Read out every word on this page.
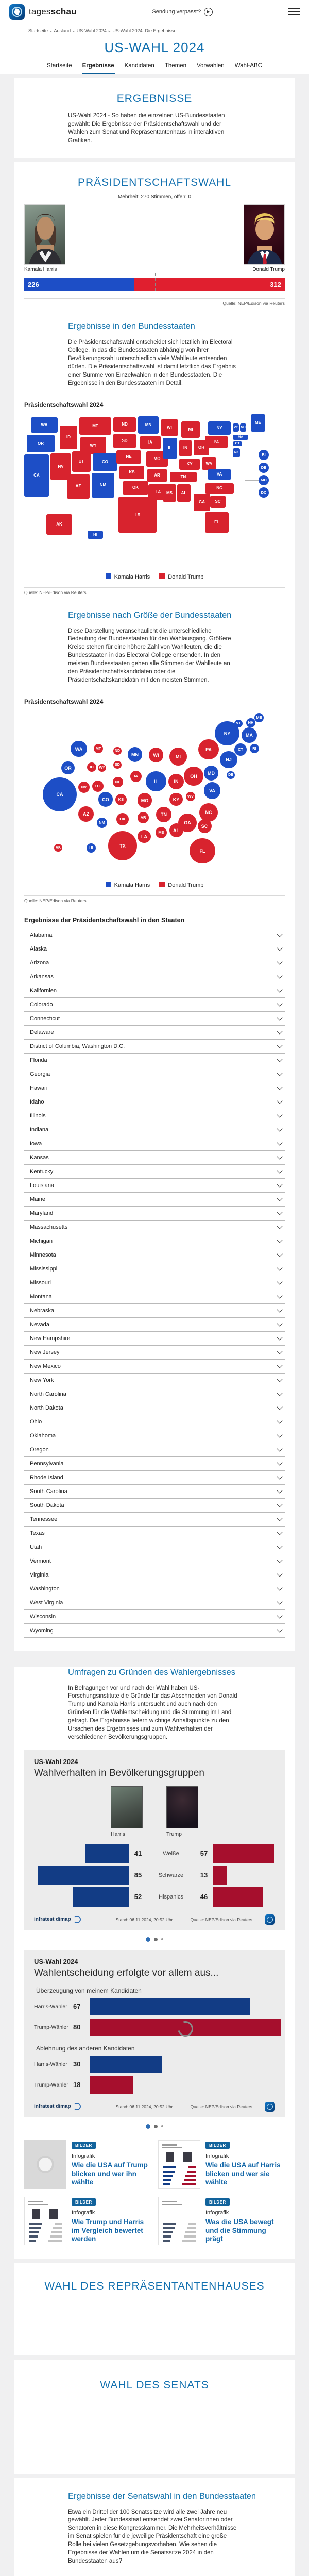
tagesschau	Sendung verpasst?
Startseite ▸ Ausland ▸ US-Wahl 2024 ▸ US-Wahl 2024: Die Ergebnisse
US-WAHL 2024
Startseite Ergebnisse Kandidaten Themen Vorwahlen Wahl-ABC
ERGEBNISSE

US-Wahl 2024 - So haben die einzelnen US-Bundesstaaten gewählt: Die Ergebnisse der Präsidentschaftswahl und der Wahlen zum Senat und Repräsentantenhaus in interaktiven Grafiken.

PRÄSIDENTSCHAFTSWAHL
Mehrheit: 270 Stimmen, offen: 0
Kamala Harris	Donald Trump
226	312
Quelle: NEP/Edison via Reuters
Ergebnisse in den Bundesstaaten

Die Präsidentschaftswahl entscheidet sich letztlich im Electoral College, in das die Bundesstaaten abhängig von ihrer Bevölkerungszahl unterschiedlich viele Wahlleute entsenden dürfen. Die Präsidentschaftswahl ist damit letztlich das Ergebnis einer Summe von Einzelwahlen in den Bundesstaaten. Die Ergebnisse in den Bundesstaaten im Detail.

Präsidentschaftswahl 2024
WA
OR
CA
ID
NV
UT
AZ
MT
WY
CO
NM
ND
SD
NE
KS
OK
TX
MN
IA
MO
AR
LA
WI
IL
MS
MI
IN
KY
TN
AL
OH
WV
VA
NC
SC
GA
FL
PA
NY
ME
VT NH
MA
CT
NJ
AK
HI
RI
DE
MD
DC
Kamala Harris	Donald Trump
Quelle: NEP/Edison via Reuters
Ergebnisse nach Größe der Bundesstaaten

Diese Darstellung veranschaulicht die unterschiedliche Bedeutung der Bundesstaaten für den Wahlausgang. Größere Kreise stehen für eine höhere Zahl von Wahlleuten, die die Bundesstaaten in das Electoral College entsenden. In den meisten Bundesstaaten gehen alle Stimmen der Wahlleute an den Präsidentschaftskandidaten oder die Präsidentschaftskandidatin mit den meisten Stimmen.

Präsidentschaftswahl 2024
WA
OR
CA
NV
ID
UT
AZ
NM
CO
WY
MT
ND
SD
NE
KS
OK
TX
MN
IA
MO
AR
LA
WI
IL
MS
MI
IN
KY
TN
AL
OH
WV
GA
FL
SC
NC
VA
MD
PA
NY
NJ
DE
CT	RI
MA
VT	NH
ME
AK	HI
Kamala Harris	Donald Trump
Quelle: NEP/Edison via Reuters
Ergebnisse der Präsidentschaftswahl in den Staaten
Alabama
Alaska
Arizona
Arkansas
Kalifornien
Colorado
Connecticut
Delaware
District of Columbia, Washington D.C.
Florida
Georgia
Hawaii
Idaho
Illinois
Indiana
Iowa
Kansas
Kentucky
Louisiana
Maine
Maryland
Massachusetts
Michigan
Minnesota
Mississippi
Missouri
Montana
Nebraska
Nevada
New Hampshire
New Jersey
New Mexico
New York
North Carolina
North Dakota
Ohio
Oklahoma
Oregon
Pennsylvania
Rhode Island
South Carolina
South Dakota
Tennessee
Texas
Utah
Vermont
Virginia
Washington
West Virginia
Wisconsin
Wyoming
Umfragen zu Gründen des Wahlergebnisses

In Befragungen vor und nach der Wahl haben US-Forschungsinstitute die Gründe für das Abschneiden von Donald Trump und Kamala Harris untersucht und auch nach den Gründen für die Wahlentscheidung und die Stimmung im Land gefragt. Die Ergebnisse liefern wichtige Anhaltspunkte zu den Ursachen des Ergebnisses und zum Wahlverhalten der verschiedenen Bevölkerungsgruppen.

US-Wahl 2024
Wahlverhalten in Bevölkerungsgruppen
Harris	Trump
41	Weiße	57
85	Schwarze	13
52	Hispanics	46
infratest dimap	Stand: 06.11.2024, 20:52 Uhr	Quelle: NEP/Edison via Reuters
US-Wahl 2024
Wahlentscheidung erfolgte vor allem aus...
Überzeugung von meinem Kandidaten
Harris-Wähler 67
Trump-Wähler 80
Ablehnung des anderen Kandidaten
Harris-Wähler 30
Trump-Wähler 18
infratest dimap	Stand: 06.11.2024, 20:52 Uhr	Quelle: NEP/Edison via Reuters
BILDER
Infografik
Wie die USA auf Trump blicken und wer ihn wählte
BILDER
Infografik
Wie die USA auf Harris blicken und wer sie wählte
BILDER
Infografik
Wie Trump und Harris im Vergleich bewertet werden
BILDER
Infografik
Was die USA bewegt und die Stimmung prägt
WAHL DES REPRÄSENTANTENHAUSES
WAHL DES SENATS
Ergebnisse der Senatswahl in den Bundesstaaten

Etwa ein Drittel der 100 Senatssitze wird alle zwei Jahre neu gewählt. Jeder Bundesstaat entsendet zwei Senatorinnen oder Senatoren in diese Kongresskammer. Die Mehrheitsverhältnisse im Senat spielen für die jeweilige Präsidentschaft eine große Rolle bei vielen Gesetzgebungsvorhaben. Wie sehen die Ergebnisse der Wahlen um die Senatssitze 2024 in den Bundesstaaten aus?
